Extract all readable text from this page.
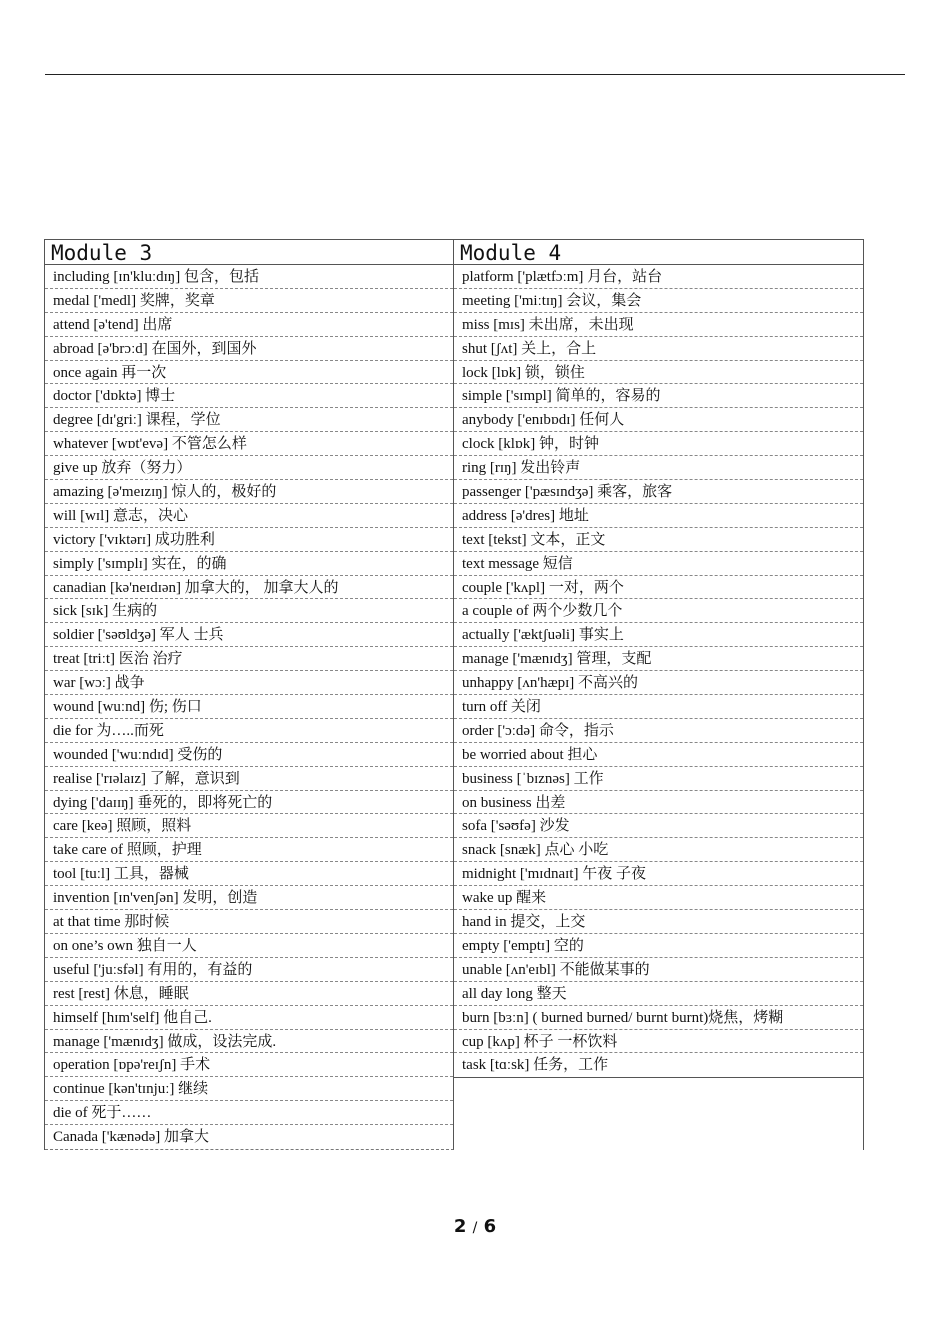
Module 3
including [ɪn'kluːdɪŋ] 包含，包括
medal ['medl] 奖牌，奖章
attend [ə'tend] 出席
abroad [ə'brɔːd] 在国外，到国外
once again 再一次
doctor ['dɒktə] 博士
degree [dɪ'griː] 课程，学位
whatever [wɒt'evə] 不管怎么样
give up 放弃（努力）
amazing [ə'meɪzɪŋ] 惊人的，极好的
will [wɪl] 意志，决心
victory ['vɪktərɪ] 成功胜利
simply ['sɪmplɪ] 实在，的确
canadian [kə'neɪdɪən] 加拿大的， 加拿大人的
sick [sɪk] 生病的
soldier ['səʊldʒə] 军人 士兵
treat [triːt] 医治 治疗
war [wɔː] 战争
wound [wuːnd] 伤; 伤口
die for 为…..而死
wounded ['wuːndɪd] 受伤的
realise ['rɪəlaɪz] 了解，意识到
dying ['daɪɪŋ] 垂死的，即将死亡的
care [keə] 照顾，照料
take care of 照顾，护理
tool [tuːl] 工具，器械
invention [ɪn'venʃən] 发明，创造
at that time 那时候
on one’s own 独自一人
useful ['juːsfəl] 有用的，有益的
rest [rest] 休息，睡眠
himself [hɪm'self] 他自己.
manage ['mænɪdʒ] 做成，设法完成.
operation [ɒpə'reɪʃn] 手术
continue [kən'tɪnjuː] 继续
die of 死于……
Canada ['kænədə] 加拿大
Module 4
platform ['plætfɔːm] 月台，站台
meeting ['miːtɪŋ] 会议，集会
miss [mɪs] 未出席，未出现
shut [ʃʌt] 关上，合上
lock [lɒk] 锁，锁住
simple ['sɪmpl] 简单的，容易的
anybody ['enɪbɒdɪ] 任何人
clock [klɒk] 钟，时钟
ring [rɪŋ] 发出铃声
passenger ['pæsɪndʒə] 乘客，旅客
address [ə'dres] 地址
text [tekst] 文本，正文
text message 短信
couple ['kʌpl] 一对，两个
a couple of 两个少数几个
actually ['æktʃuəli] 事实上
manage ['mænɪdʒ] 管理，支配
unhappy [ʌn'hæpɪ] 不高兴的
turn off 关闭
order ['ɔːdə] 命令，指示
be worried about 担心
business [ˈbɪznəs] 工作
on business 出差
sofa ['səʊfə] 沙发
snack [snæk] 点心 小吃
midnight ['mɪdnaɪt] 午夜 子夜
wake up 醒来
hand in 提交，上交
empty ['emptɪ] 空的
unable [ʌn'eɪbl] 不能做某事的
all day long 整天
burn [bɜːn] ( burned burned/ burnt burnt)烧焦，烤糊
cup [kʌp] 杯子 一杯饮料
task [tɑːsk] 任务，工作
2 / 6
